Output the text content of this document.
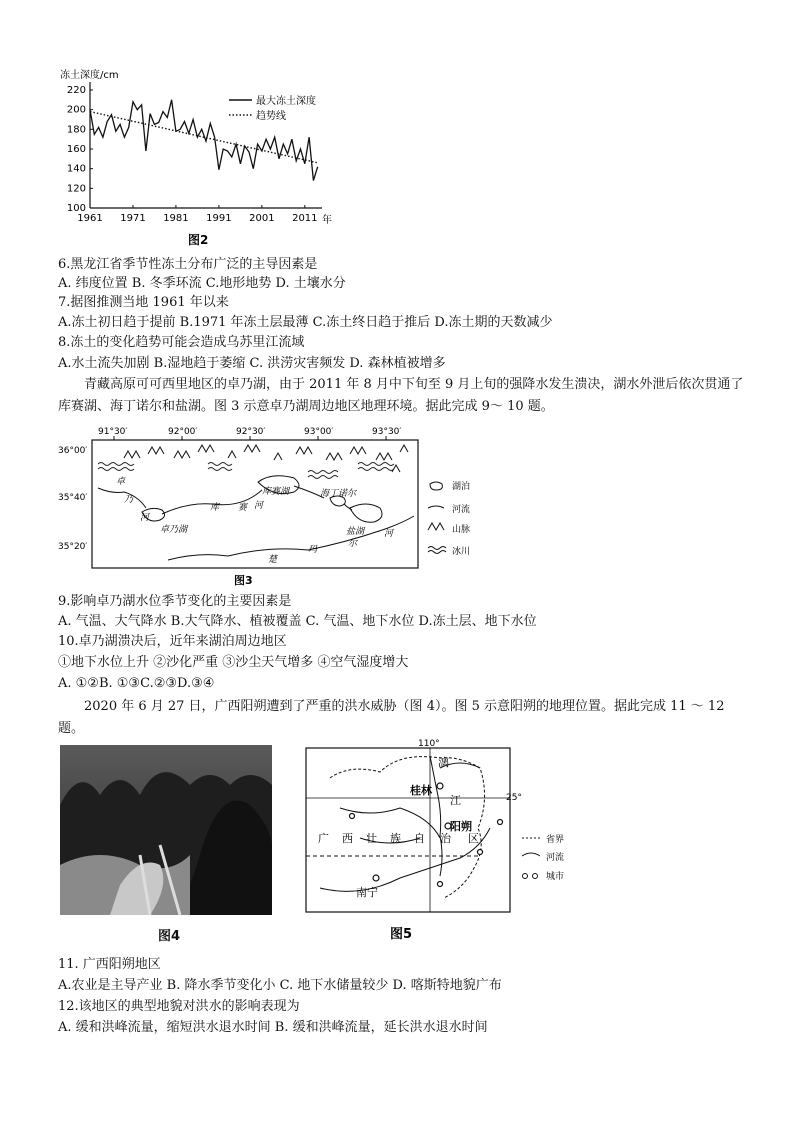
冻土深度/cm
年
100
120
140
160
180
200
220
1961 1971 1981 1991 2001 2011
最大冻土深度
趋势线
图2
6.黑龙江省季节性冻土分布广泛的主导因素是
A. 纬度位置 B. 冬季环流 C.地形地势 D. 土壤水分
7.据图推测当地 1961 年以来
A.冻土初日趋于提前 B.1971 年冻土层最薄 C.冻土终日趋于推后 D.冻土期的天数减少
8.冻土的变化趋势可能会造成乌苏里江流域
A.水土流失加剧 B.湿地趋于萎缩 C. 洪涝灾害频发 D. 森林植被增多
青藏高原可可西里地区的卓乃湖，由于 2011 年 8 月中下旬至 9 月上旬的强降水发生溃决，湖水外泄后依次贯通了库赛湖、海丁诺尔和盐湖。图 3 示意卓乃湖周边地区地理环境。据此完成 9～ 10 题。
91°30′	92°00′	92°30′	93°00′	93°30′
36°00′
35°40′
35°20′
卓
乃
河
卓乃湖
库赛湖
库 赛 河
海丁诺尔
盐湖
楚
玛
尔
河
湖泊
河流
山脉
冰川
图3
9.影响卓乃湖水位季节变化的主要因素是
A. 气温、大气降水 B.大气降水、植被覆盖 C. 气温、地下水位 D.冻土层、地下水位
10.卓乃湖溃决后，近年来湖泊周边地区
①地下水位上升 ②沙化严重 ③沙尘天气增多 ④空气湿度增大
A. ①②B. ①③C.②③D.③④
2020 年 6 月 27 日，广西阳朔遭到了严重的洪水威胁（图 4）。图 5 示意阳朔的地理位置。据此完成 11 ～ 12 题。
图4
110°
25°
漓
江
桂林
阳朔
南宁
广 西 壮 族 自 治 区	省界
河流
城市
图5
11. 广西阳朔地区
A.农业是主导产业 B. 降水季节变化小 C. 地下水储量较少 D. 喀斯特地貌广布
12.该地区的典型地貌对洪水的影响表现为
A. 缓和洪峰流量，缩短洪水退水时间 B. 缓和洪峰流量，延长洪水退水时间
